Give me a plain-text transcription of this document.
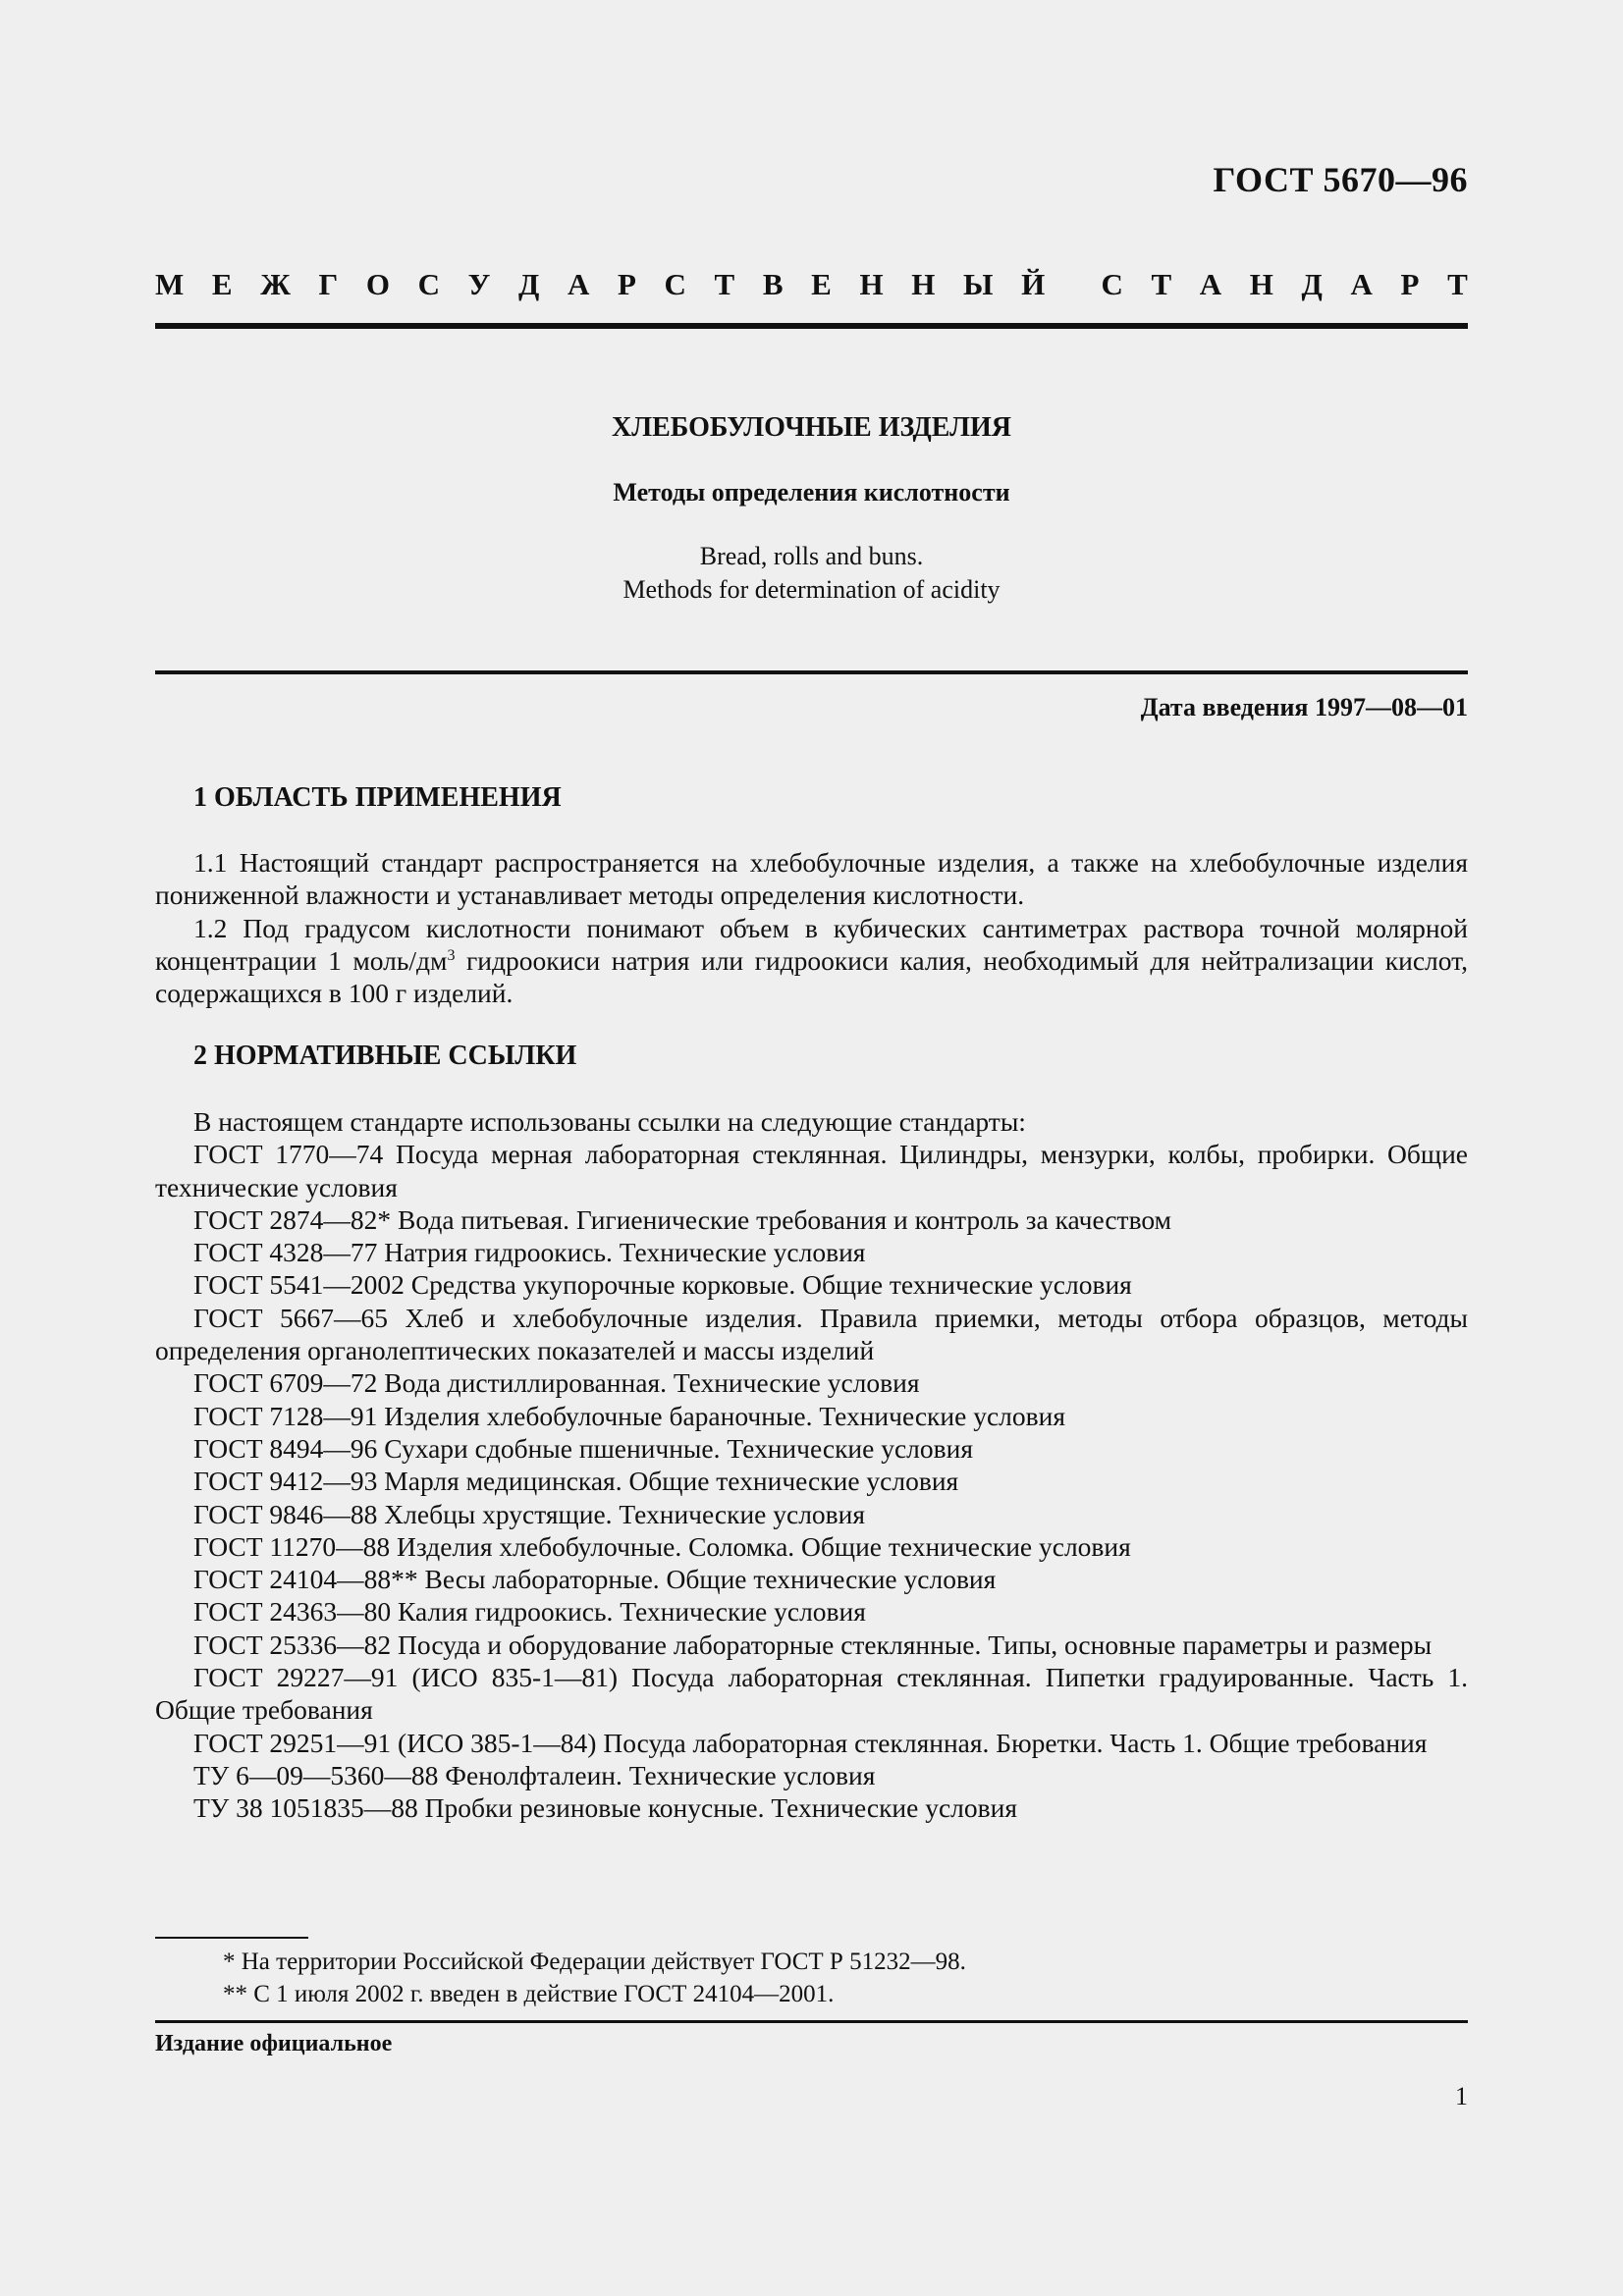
ГОСТ 5670—96
М Е Ж Г О С У Д А Р С Т В Е Н Н Ы Й С Т А Н Д А Р Т
ХЛЕБОБУЛОЧНЫЕ ИЗДЕЛИЯ
Методы определения кислотности
Bread, rolls and buns.
Methods for determination of acidity
Дата введения 1997—08—01
1 ОБЛАСТЬ ПРИМЕНЕНИЯ

1.1 Настоящий стандарт распространяется на хлебобулочные изделия, а также на хлебобулочные изделия пониженной влажности и устанавливает методы определения кислотности.

1.2 Под градусом кислотности понимают объем в кубических сантиметрах раствора точной молярной концентрации 1 моль/$дм^3$ гидроокиси натрия или гидроокиси калия, необходимый для нейтрализации кислот, содержащихся в 100 г изделий.

2 НОРМАТИВНЫЕ ССЫЛКИ

В настоящем стандарте использованы ссылки на следующие стандарты:

ГОСТ 1770—74 Посуда мерная лабораторная стеклянная. Цилиндры, мензурки, колбы, пробирки. Общие технические условия

ГОСТ 2874—82* Вода питьевая. Гигиенические требования и контроль за качеством

ГОСТ 4328—77 Натрия гидроокись. Технические условия

ГОСТ 5541—2002 Средства укупорочные корковые. Общие технические условия

ГОСТ 5667—65 Хлеб и хлебобулочные изделия. Правила приемки, методы отбора образцов, методы определения органолептических показателей и массы изделий

ГОСТ 6709—72 Вода дистиллированная. Технические условия

ГОСТ 7128—91 Изделия хлебобулочные бараночные. Технические условия

ГОСТ 8494—96 Сухари сдобные пшеничные. Технические условия

ГОСТ 9412—93 Марля медицинская. Общие технические условия

ГОСТ 9846—88 Хлебцы хрустящие. Технические условия

ГОСТ 11270—88 Изделия хлебобулочные. Соломка. Общие технические условия

ГОСТ 24104—88** Весы лабораторные. Общие технические условия

ГОСТ 24363—80 Калия гидроокись. Технические условия

ГОСТ 25336—82 Посуда и оборудование лабораторные стеклянные. Типы, основные параметры и размеры

ГОСТ 29227—91 (ИСО 835-1—81) Посуда лабораторная стеклянная. Пипетки градуированные. Часть 1. Общие требования

ГОСТ 29251—91 (ИСО 385-1—84) Посуда лабораторная стеклянная. Бюретки. Часть 1. Общие требования

ТУ 6—09—5360—88 Фенолфталеин. Технические условия

ТУ 38 1051835—88 Пробки резиновые конусные. Технические условия

* На территории Российской Федерации действует ГОСТ Р 51232—98.

** С 1 июля 2002 г. введен в действие ГОСТ 24104—2001.

Издание официальное
1
